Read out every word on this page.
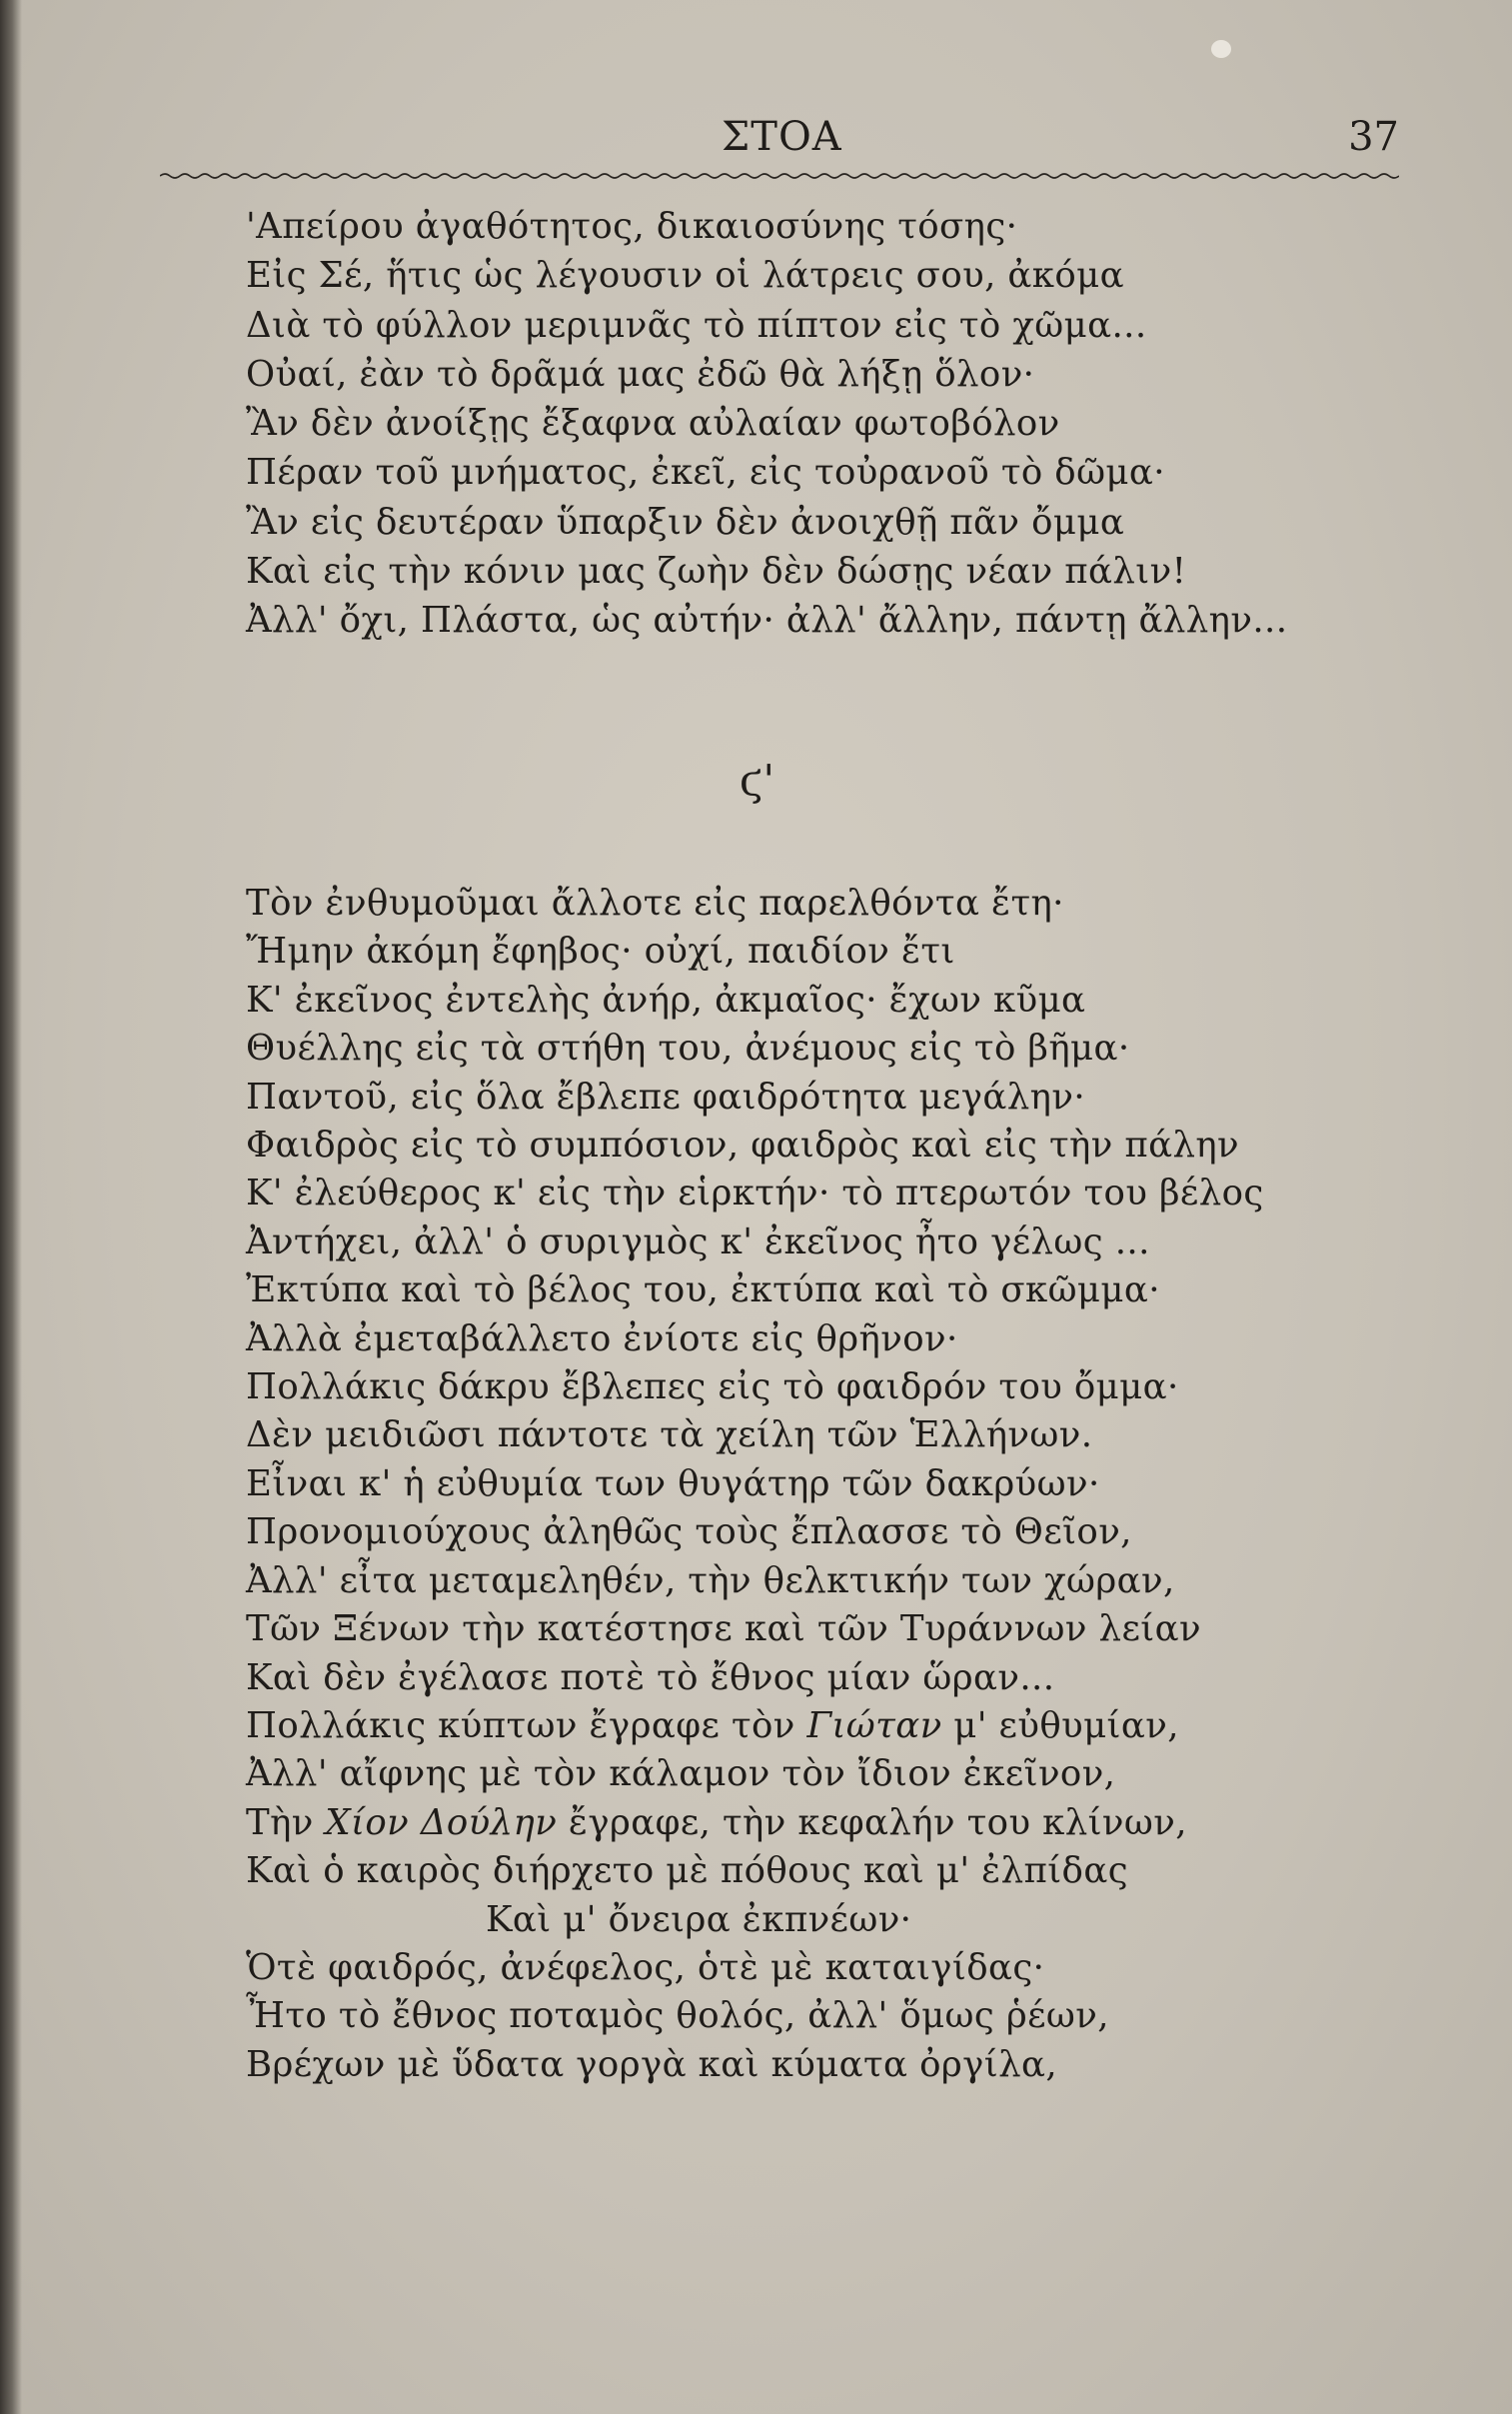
ΣΤΟΑ	37
'Απείρου ἀγαθότητος, δικαιοσύνης τόσης·
Εἰς Σέ, ἥτις ὡς λέγουσιν οἱ λάτρεις σου, ἀκόμα
Διὰ τὸ φύλλον μεριμνᾶς τὸ πίπτον εἰς τὸ χῶμα...
Οὐαί, ἐὰν τὸ δρᾶμά μας ἐδῶ θὰ λήξῃ ὅλον·
Ἂν δὲν ἀνοίξῃς ἔξαφνα αὐλαίαν φωτοβόλον
Πέραν τοῦ μνήματος, ἐκεῖ, εἰς τοὐρανοῦ τὸ δῶμα·
Ἂν εἰς δευτέραν ὕπαρξιν δὲν ἀνοιχθῇ πᾶν ὄμμα
Καὶ εἰς τὴν κόνιν μας ζωὴν δὲν δώσῃς νέαν πάλιν!
Ἀλλ' ὄχι, Πλάστα, ὡς αὐτήν· ἀλλ' ἄλλην, πάντῃ ἄλλην...
ϛ'
Τὸν ἐνθυμοῦμαι ἄλλοτε εἰς παρελθόντα ἔτη·
Ἤμην ἀκόμη ἔφηβος· οὐχί, παιδίον ἔτι
Κ' ἐκεῖνος ἐντελὴς ἀνήρ, ἀκμαῖος· ἔχων κῦμα
Θυέλλης εἰς τὰ στήθη του, ἀνέμους εἰς τὸ βῆμα·
Παντοῦ, εἰς ὅλα ἔβλεπε φαιδρότητα μεγάλην·
Φαιδρὸς εἰς τὸ συμπόσιον, φαιδρὸς καὶ εἰς τὴν πάλην
Κ' ἐλεύθερος κ' εἰς τὴν εἱρκτήν· τὸ πτερωτόν του βέλος
Ἀντήχει, ἀλλ' ὁ συριγμὸς κ' ἐκεῖνος ἦτο γέλως ...
Ἐκτύπα καὶ τὸ βέλος του, ἐκτύπα καὶ τὸ σκῶμμα·
Ἀλλὰ ἐμεταβάλλετο ἐνίοτε εἰς θρῆνον·
Πολλάκις δάκρυ ἔβλεπες εἰς τὸ φαιδρόν του ὄμμα·
Δὲν μειδιῶσι πάντοτε τὰ χείλη τῶν Ἑλλήνων.
Εἶναι κ' ἡ εὐθυμία των θυγάτηρ τῶν δακρύων·
Προνομιούχους ἀληθῶς τοὺς ἔπλασσε τὸ Θεῖον,
Ἀλλ' εἶτα μεταμεληθέν, τὴν θελκτικήν των χώραν,
Τῶν Ξένων τὴν κατέστησε καὶ τῶν Τυράννων λείαν
Καὶ δὲν ἐγέλασε ποτὲ τὸ ἔθνος μίαν ὥραν...
Πολλάκις κύπτων ἔγραφε τὸν Γιώταν μ' εὐθυμίαν,
Ἀλλ' αἴφνης μὲ τὸν κάλαμον τὸν ἴδιον ἐκεῖνον,
Τὴν Χίον Δούλην ἔγραφε, τὴν κεφαλήν του κλίνων,
Καὶ ὁ καιρὸς διήρχετο μὲ πόθους καὶ μ' ἐλπίδας
Καὶ μ' ὄνειρα ἐκπνέων·
Ὁτὲ φαιδρός, ἀνέφελος, ὁτὲ μὲ καταιγίδας·
Ἦτο τὸ ἔθνος ποταμὸς θολός, ἀλλ' ὅμως ῥέων,
Βρέχων μὲ ὕδατα γοργὰ καὶ κύματα ὀργίλα,
